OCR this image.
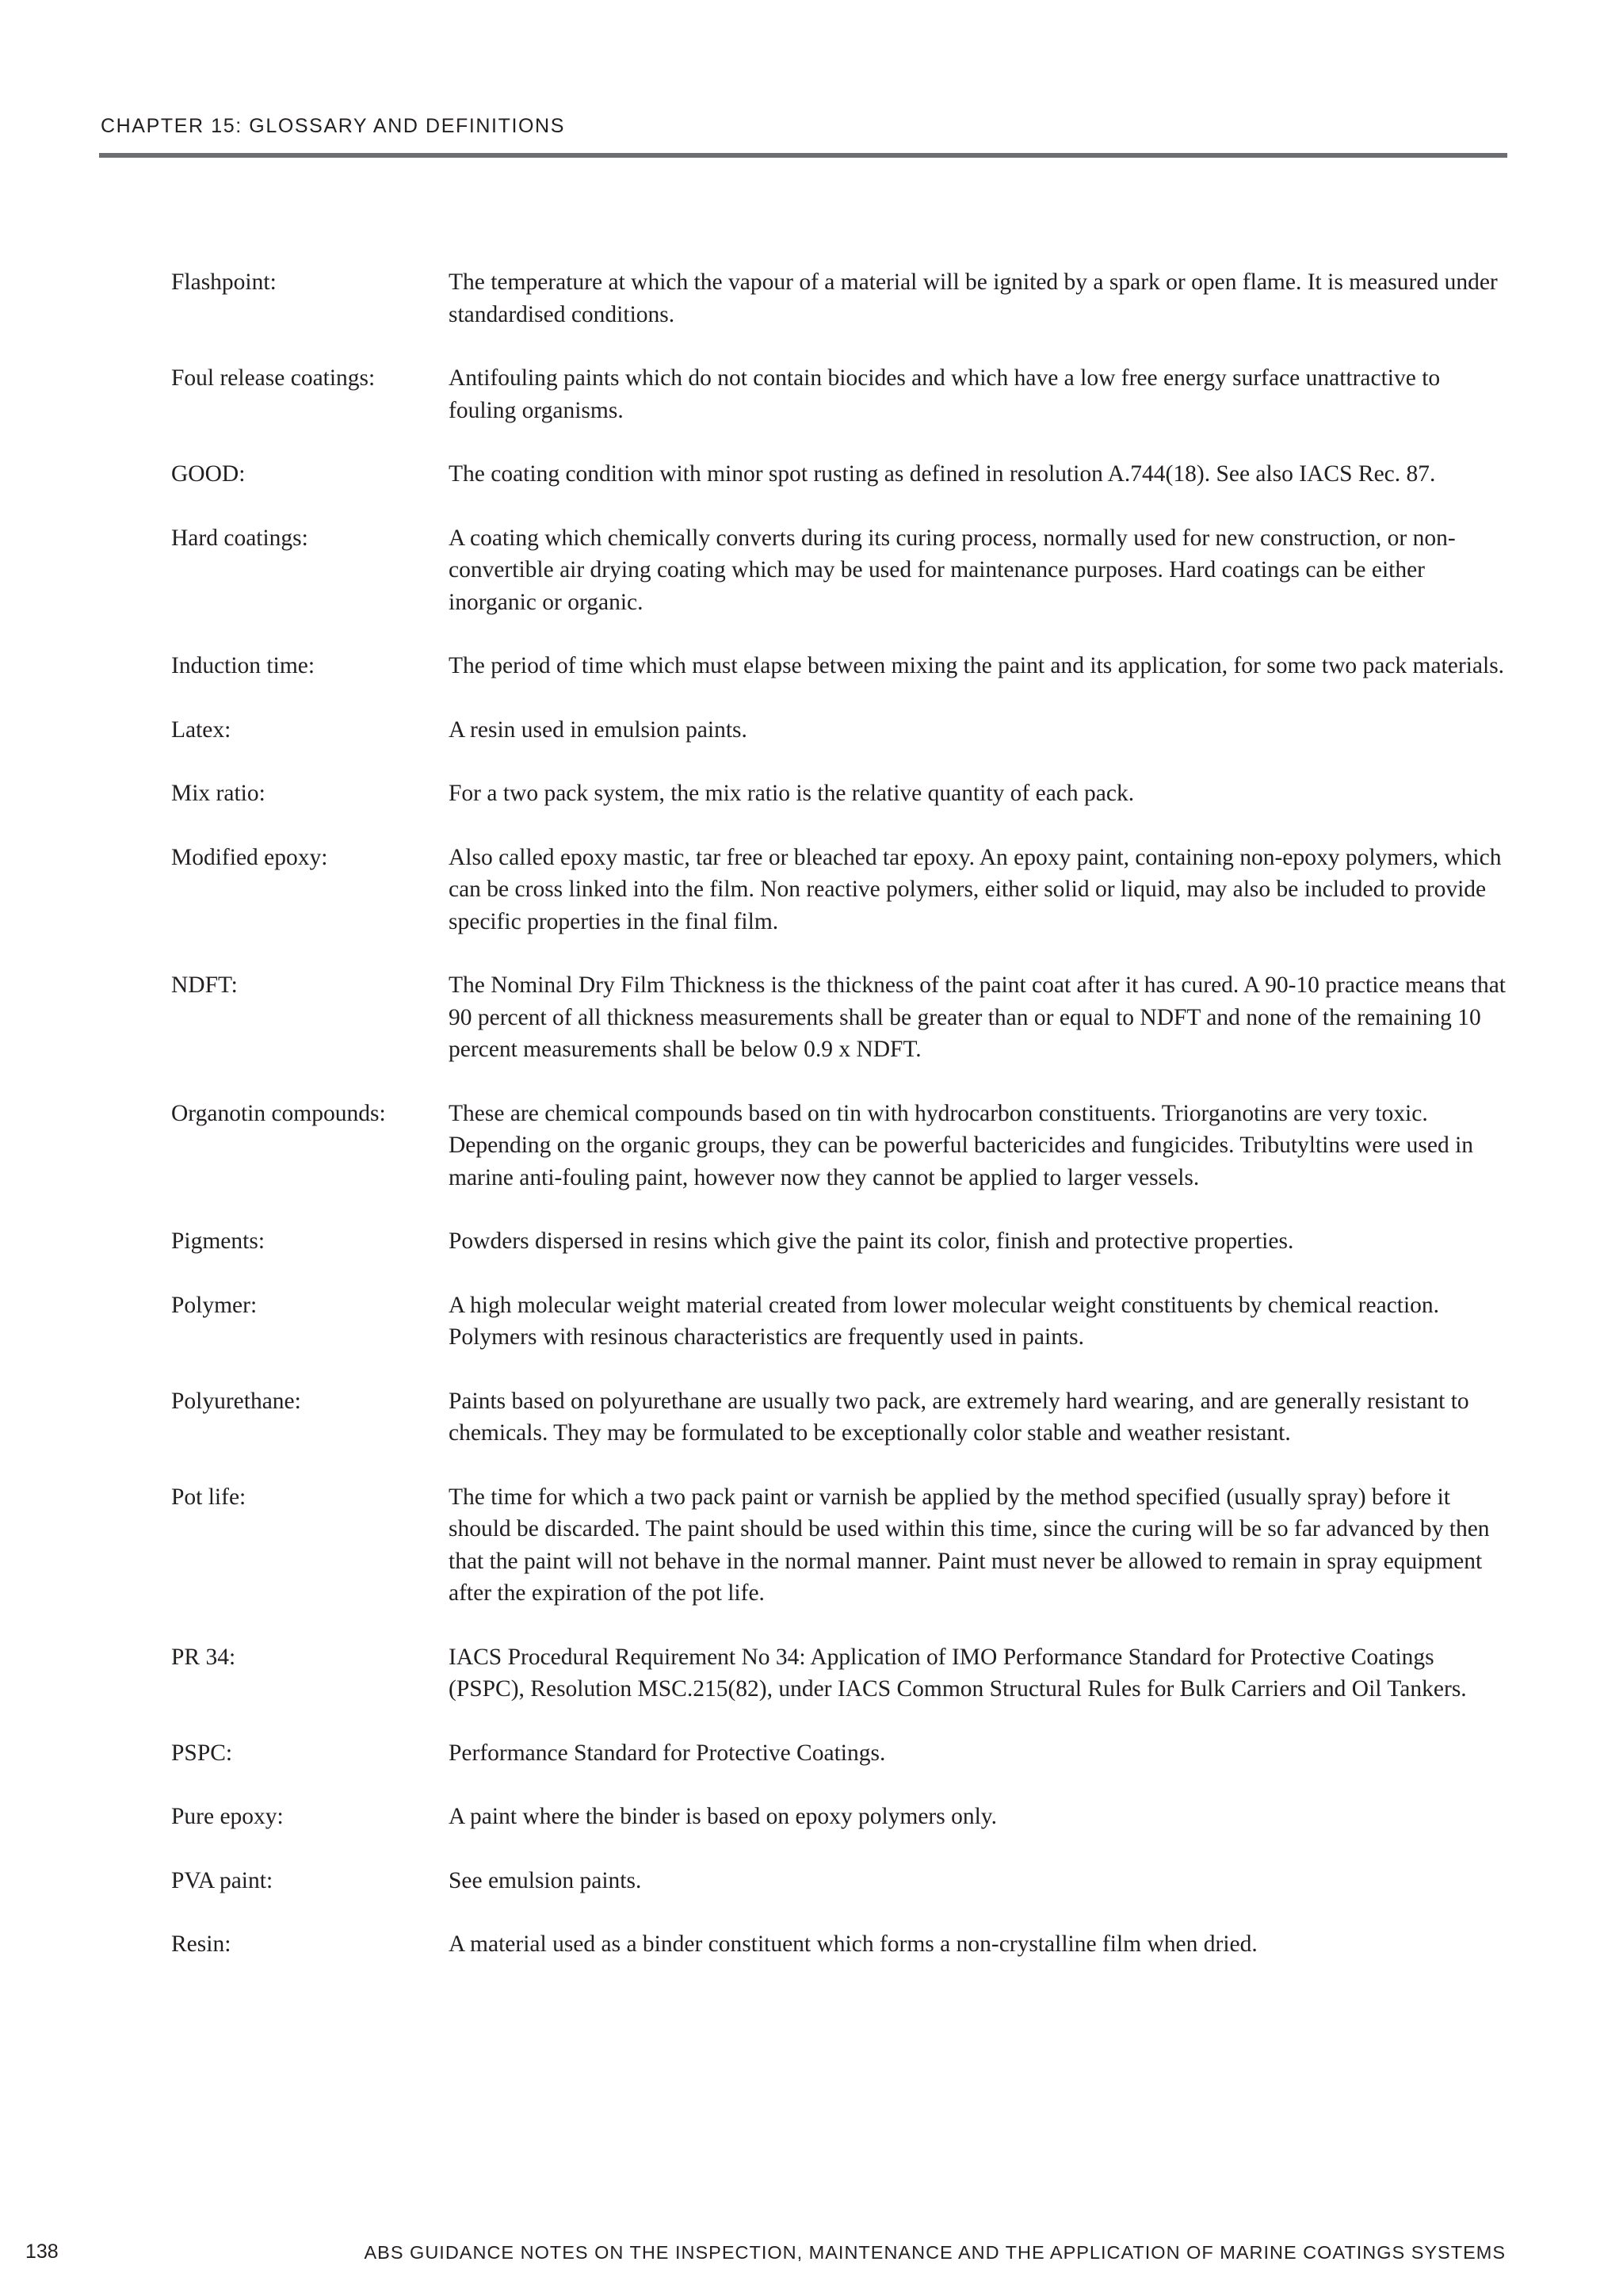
CHAPTER 15: GLOSSARY AND DEFINITIONS
Flashpoint:	The temperature at which the vapour of a material will be ignited by a spark or open flame. It is measured under standardised conditions.
Foul release coatings:	Antifouling paints which do not contain biocides and which have a low free energy surface unattractive to fouling organisms.
GOOD:	The coating condition with minor spot rusting as defined in resolution A.744(18). See also IACS Rec. 87.
Hard coatings:	A coating which chemically converts during its curing process, normally used for new construction, or non-convertible air drying coating which may be used for maintenance purposes. Hard coatings can be either inorganic or organic.
Induction time:	The period of time which must elapse between mixing the paint and its application, for some two pack materials.
Latex:	A resin used in emulsion paints.
Mix ratio:	For a two pack system, the mix ratio is the relative quantity of each pack.
Modified epoxy:	Also called epoxy mastic, tar free or bleached tar epoxy. An epoxy paint, containing non-epoxy polymers, which can be cross linked into the film. Non reactive polymers, either solid or liquid, may also be included to provide specific properties in the final film.
NDFT:	The Nominal Dry Film Thickness is the thickness of the paint coat after it has cured. A 90-10 practice means that 90 percent of all thickness measurements shall be greater than or equal to NDFT and none of the remaining 10 percent measurements shall be below 0.9 x NDFT.
Organotin compounds:	These are chemical compounds based on tin with hydrocarbon constituents. Triorganotins are very toxic. Depending on the organic groups, they can be powerful bactericides and fungicides. Tributyltins were used in marine anti-fouling paint, however now they cannot be applied to larger vessels.
Pigments:	Powders dispersed in resins which give the paint its color, finish and protective properties.
Polymer:	A high molecular weight material created from lower molecular weight constituents by chemical reaction. Polymers with resinous characteristics are frequently used in paints.
Polyurethane:	Paints based on polyurethane are usually two pack, are extremely hard wearing, and are generally resistant to chemicals. They may be formulated to be exceptionally color stable and weather resistant.
Pot life:	The time for which a two pack paint or varnish be applied by the method specified (usually spray) before it should be discarded. The paint should be used within this time, since the curing will be so far advanced by then that the paint will not behave in the normal manner. Paint must never be allowed to remain in spray equipment after the expiration of the pot life.
PR 34:	IACS Procedural Requirement No 34: Application of IMO Performance Standard for Protective Coatings (PSPC), Resolution MSC.215(82), under IACS Common Structural Rules for Bulk Carriers and Oil Tankers.
PSPC:	Performance Standard for Protective Coatings.
Pure epoxy:	A paint where the binder is based on epoxy polymers only.
PVA paint:	See emulsion paints.
Resin:	A material used as a binder constituent which forms a non-crystalline film when dried.
138	ABS GUIDANCE NOTES ON THE INSPECTION, MAINTENANCE AND THE APPLICATION OF MARINE COATINGS SYSTEMS
